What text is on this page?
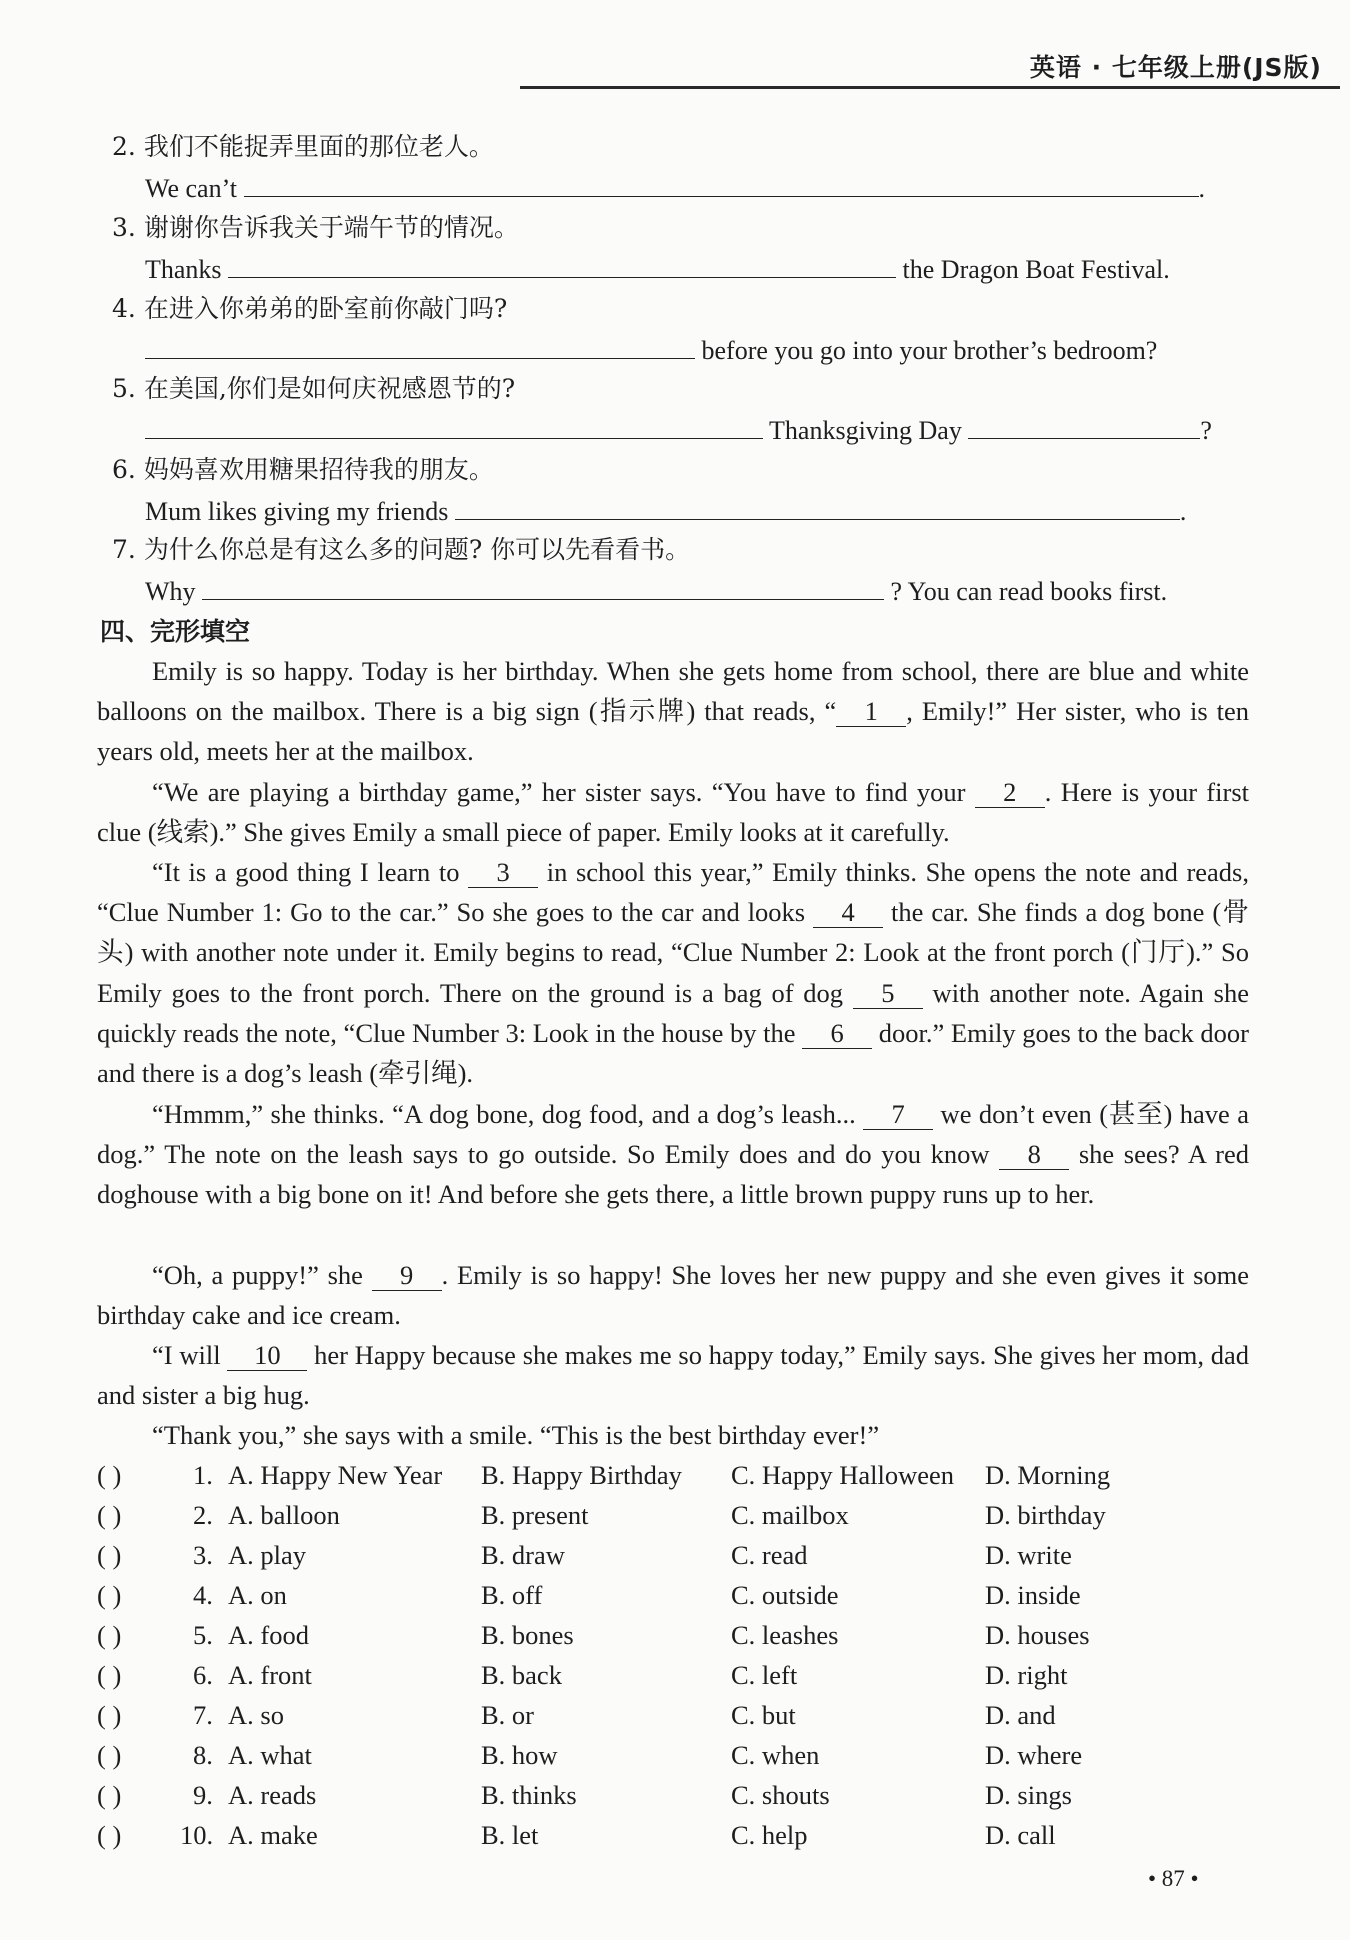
英语 · 七年级上册(JS版)
2. 我们不能捉弄里面的那位老人。
We can’t	.
3. 谢谢你告诉我关于端午节的情况。
Thanks	the Dragon Boat Festival.
4. 在进入你弟弟的卧室前你敲门吗?
before you go into your brother’s bedroom?
5. 在美国,你们是如何庆祝感恩节的?
Thanksgiving Day	?
6. 妈妈喜欢用糖果招待我的朋友。
Mum likes giving my friends	.
7. 为什么你总是有这么多的问题? 你可以先看看书。
Why	? You can read books first.
四、完形填空
Emily is so happy. Today is her birthday. When she gets home from school, there are blue and white balloons on the mailbox. There is a big sign (指示牌) that reads, “ 1 , Emily!” Her sister, who is ten years old, meets her at the mailbox.
“We are playing a birthday game,” her sister says. “You have to find your 2 . Here is your first clue (线索).” She gives Emily a small piece of paper. Emily looks at it carefully.
“It is a good thing I learn to 3 in school this year,” Emily thinks. She opens the note and reads, “Clue Number 1: Go to the car.” So she goes to the car and looks 4 the car. She finds a dog bone (骨头) with another note under it. Emily begins to read, “Clue Number 2: Look at the front porch (门厅).” So Emily goes to the front porch. There on the ground is a bag of dog 5 with another note. Again she quickly reads the note, “Clue Number 3: Look in the house by the 6 door.” Emily goes to the back door and there is a dog’s leash (牵引绳).
“Hmmm,” she thinks. “A dog bone, dog food, and a dog’s leash... 7 we don’t even (甚至) have a dog.” The note on the leash says to go outside. So Emily does and do you know 8 she sees? A red doghouse with a big bone on it! And before she gets there, a little brown puppy runs up to her.
“Oh, a puppy!” she 9 . Emily is so happy! She loves her new puppy and she even gives it some birthday cake and ice cream.
“I will 10 her Happy because she makes me so happy today,” Emily says. She gives her mom, dad and sister a big hug.
“Thank you,” she says with a smile. “This is the best birthday ever!”
( )	1. A. Happy New Year B. Happy Birthday C. Happy Halloween D. Morning
( )	2. A. balloon	B. present	C. mailbox	D. birthday
( )	3. A. play	B. draw	C. read	D. write
( )	4. A. on	B. off	C. outside	D. inside
( )	5. A. food	B. bones	C. leashes	D. houses
( )	6. A. front	B. back	C. left	D. right
( )	7. A. so	B. or	C. but	D. and
( )	8. A. what	B. how	C. when	D. where
( )	9. A. reads	B. thinks	C. shouts	D. sings
( ) 10. A. make	B. let	C. help	D. call
• 87 •
